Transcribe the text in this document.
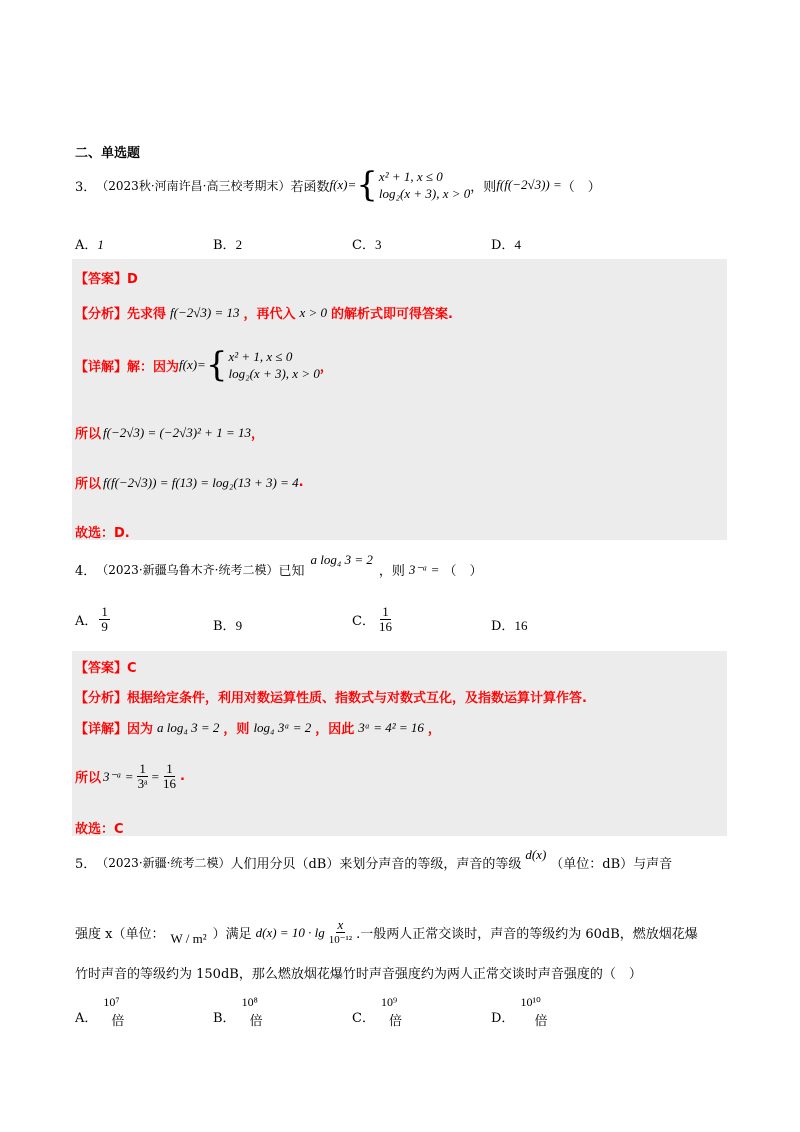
二、单选题
3． （2023秋·河南许昌·高三校考期末） 若函数 f(x)= { x² + 1, x ≤ 0
log₂(x + 3), x > 0 ，则 f(f(−2√3)) = （　）
A．1	B．2	C．3	D．4
【答案】D
【分析】先求得 f(−2√3) = 13 ，再代入 x > 0 的解析式即可得答案.
【详解】解：因为 f(x)= { x² + 1, x ≤ 0
log₂(x + 3), x > 0 ，
所以 f(−2√3) = (−2√3)² + 1 = 13 ，
所以 f(f(−2√3)) = f(13) = log₂(13 + 3) = 4 .
故选：D.
4． （2023·新疆乌鲁木齐·统考二模） 已知
a log₄ 3 = 2
，则 3⁻ᵃ = （　）
A． $\frac{1}{9}$	B．9	C． $\frac{1}{16}$	D．16
【答案】C
【分析】根据给定条件，利用对数运算性质、指数式与对数式互化，及指数运算计算作答.
【详解】因为 a log₄ 3 = 2 ，则 log₄ 3ᵃ = 2 ，因此 3ᵃ = 4² = 16 ，
所以 3⁻ᵃ = $\frac{1}{\text{3ᵃ}} = \frac{1}{16}$ .
故选：C
5． （2023·新疆·统考二模） 人们用分贝（dB）来划分声音的等级，声音的等级
d(x)
（单位：dB）与声音
强度 x（单位： W / m² ）满足 $d(x) = 10 \cdot \lg \frac{x}{\text{10⁻¹²}}$ .一般两人正常交谈时，声音的等级约为 60dB，燃放烟花爆
竹时声音的等级约为 150dB，那么燃放烟花爆竹时声音强度约为两人正常交谈时声音强度的（　）
A．
10⁷
倍	B．
10⁸
倍	C．
10⁹
倍	D．
10¹⁰
倍
